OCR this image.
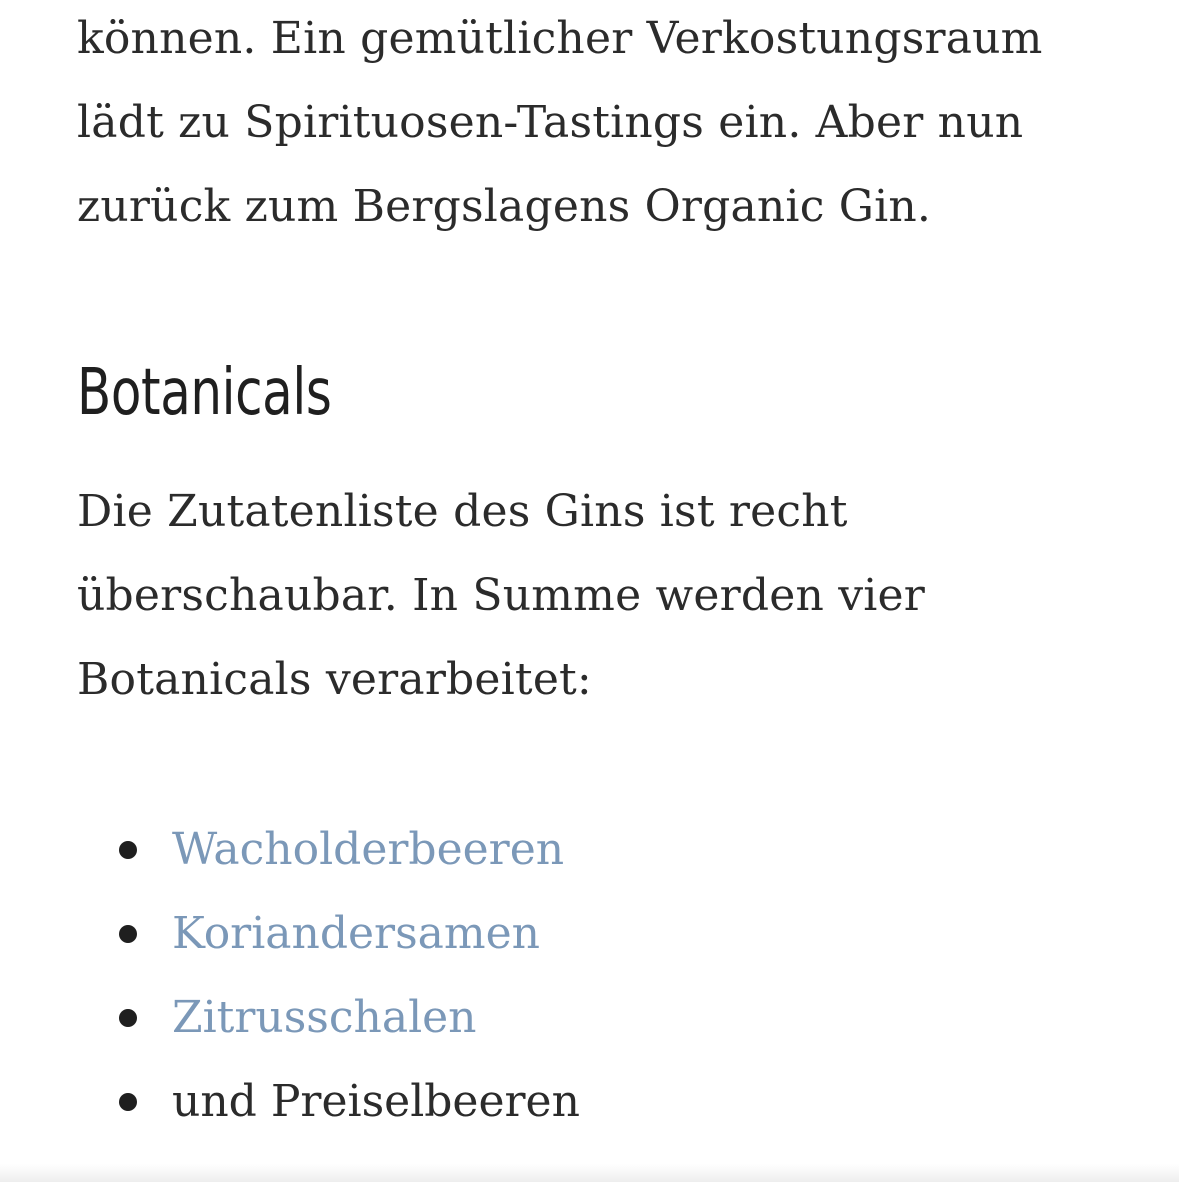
können. Ein gemütlicher Verkostungsraum lädt zu Spirituosen-Tastings ein. Aber nun zurück zum Bergslagens Organic Gin.

Botanicals

Die Zutatenliste des Gins ist recht überschaubar. In Summe werden vier Botanicals verarbeitet:

Wacholderbeeren
Koriandersamen
Zitrusschalen
und Preiselbeeren
